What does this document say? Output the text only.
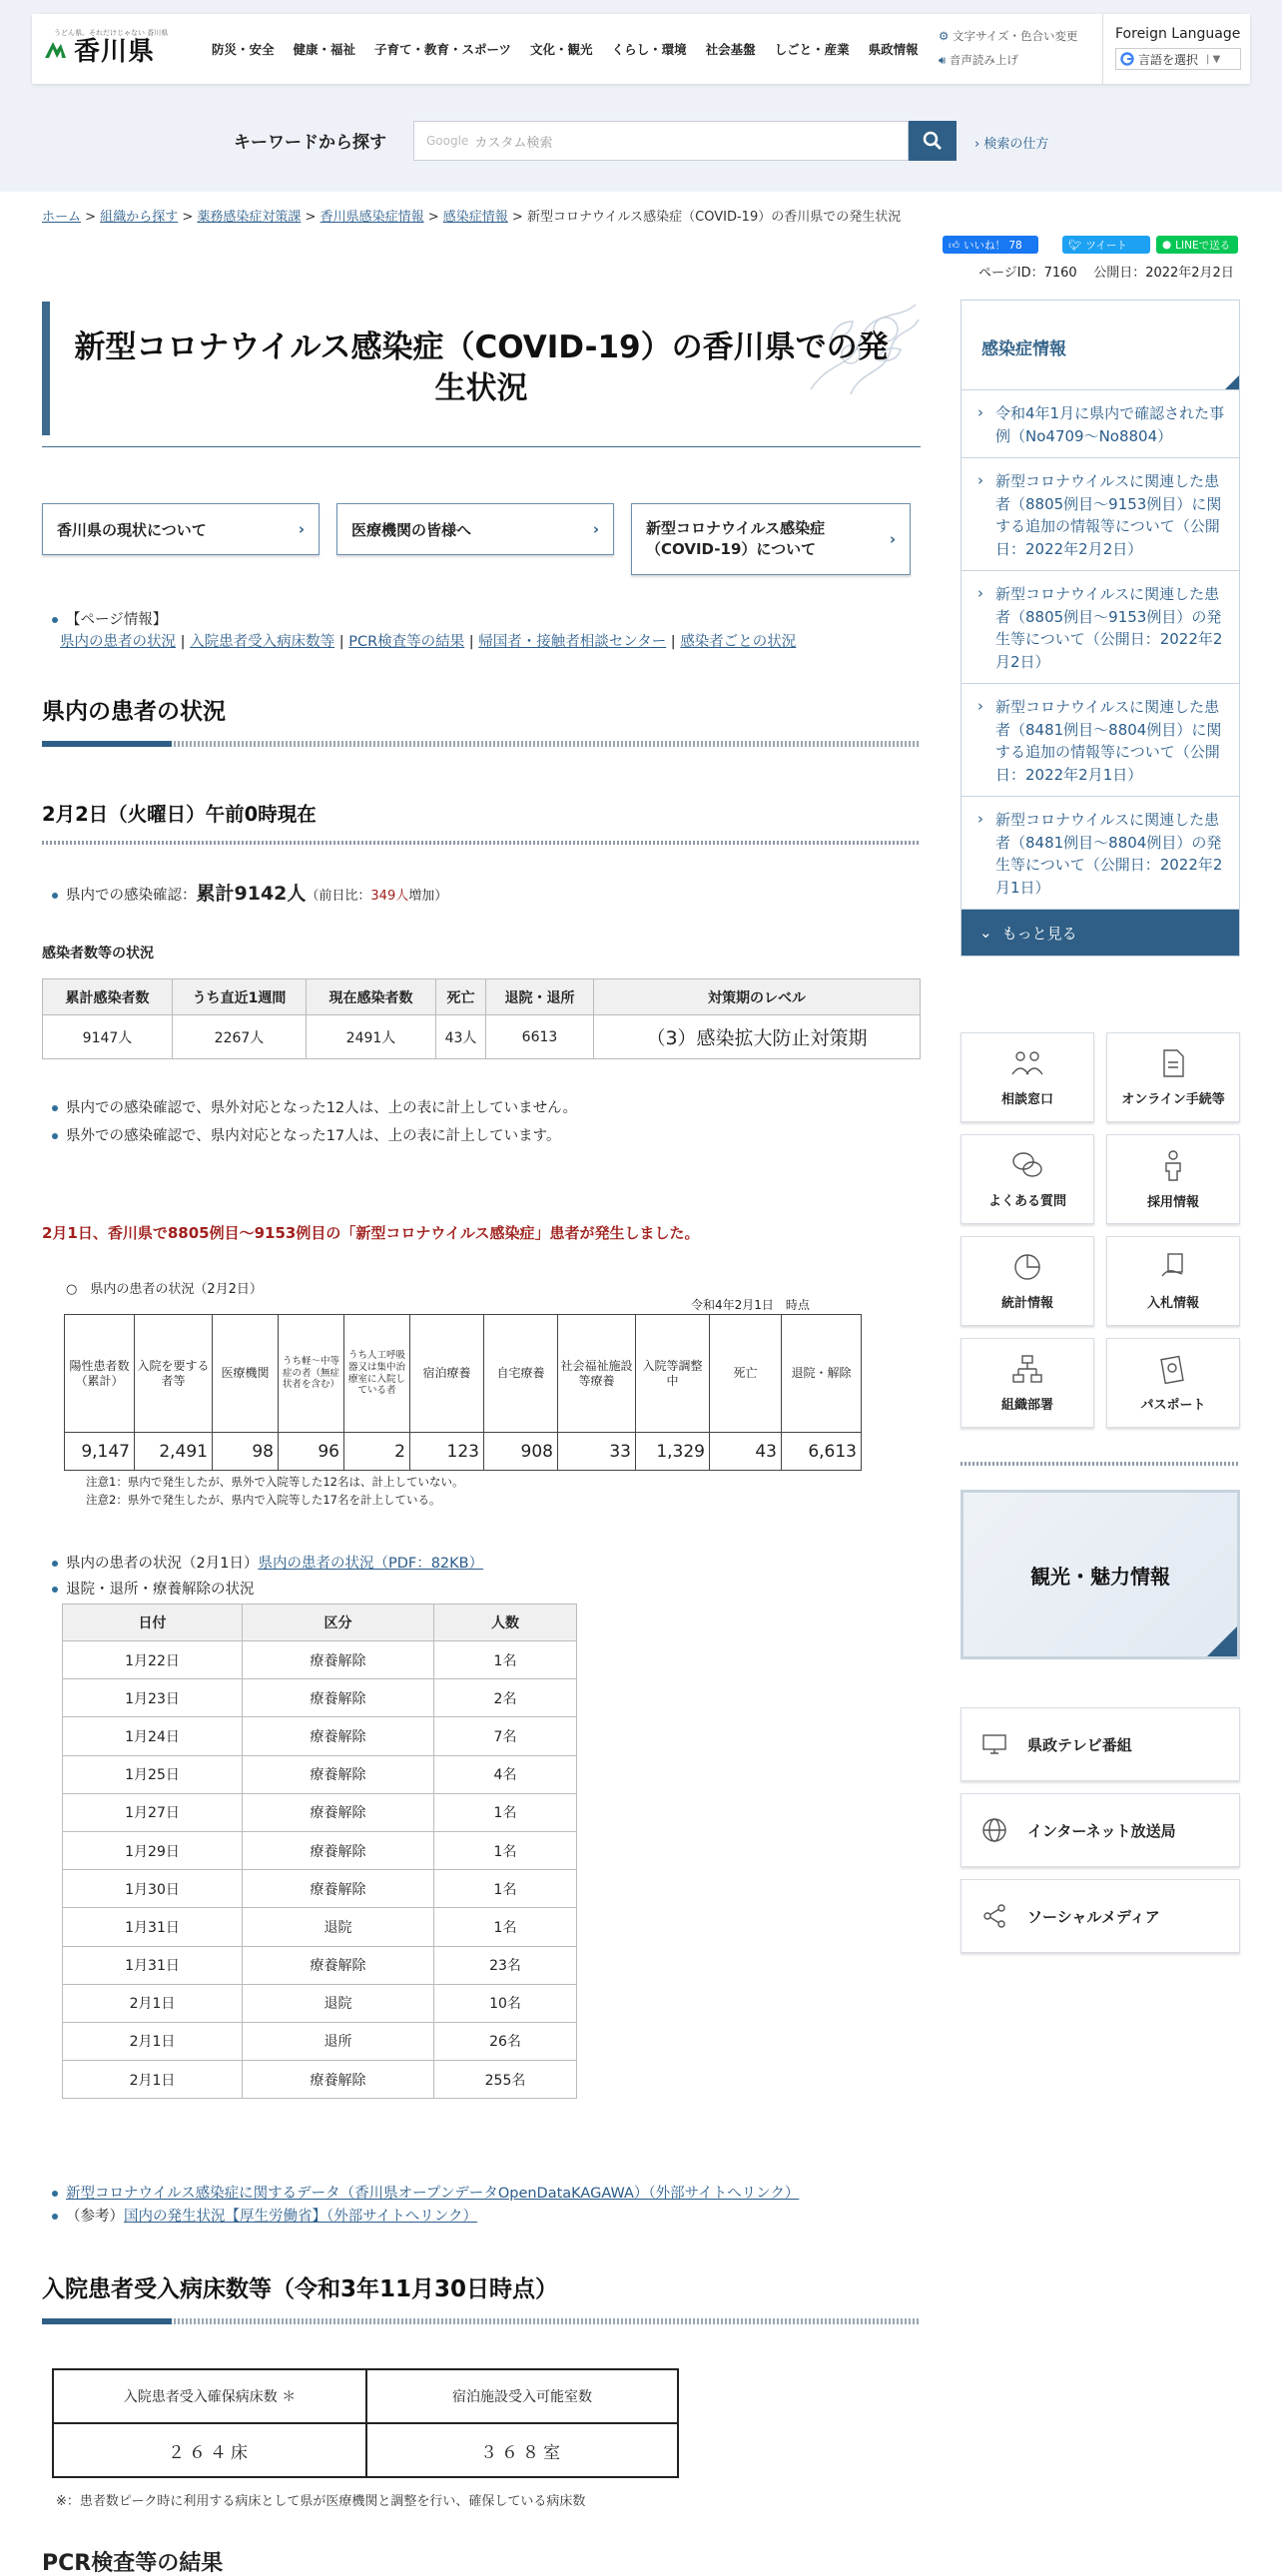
うどん県。それだけじゃない 香川県
香川県	防災・安全 健康・福祉 子育て・教育・スポーツ 文化・観光 くらし・環境 社会基盤 しごと・産業 県政情報
⚙ 文字サイズ・色合い変更
🔊︎ 音声読み上げ
Foreign Language
言語を選択 | ▼
キーワードから探す	Google カスタム検索	› 検索の仕方
ホーム > 組織から探す > 薬務感染症対策課 > 香川県感染症情報 > 感染症情報 > 新型コロナウイルス感染症（COVID-19）の香川県での発生状況
👍︎ いいね！ 78	🐦︎ ツイート	● LINEで送る
ページID：7160 公開日：2022年2月2日
新型コロナウイルス感染症（COVID-19）の香川県での発生状況
香川県の現状について	›	医療機関の皆様へ	›	新型コロナウイルス感染症（COVID-19）について
›
【ページ情報】
県内の患者の状況 | 入院患者受入病床数等 | PCR検査等の結果 | 帰国者・接触者相談センター | 感染者ごとの状況
県内の患者の状況
2月2日（火曜日）午前0時現在
県内での感染確認：累計9142人（前日比：349人増加）
感染者数等の状況
累計感染者数	うち直近1週間	現在感染者数	死亡	退院・退所	対策期のレベル
9147人	2267人	2491人	43人	6613	（3）感染拡大防止対策期
県内での感染確認で、県外対応となった12人は、上の表に計上していません。
県外での感染確認で、県内対応となった17人は、上の表に計上しています。
2月1日、香川県で8805例目～9153例目の「新型コロナウイルス感染症」患者が発生しました。
○　県内の患者の状況（2月2日）
令和4年2月1日　時点
陽性患者数（累計）	入院を要する者等	医療機関	うち軽〜中等症の者（無症状者を含む）	うち人工呼吸器又は集中治療室に入院している者	宿泊療養	自宅療養	社会福祉施設等療養	入院等調整中	死亡	退院・解除
9,147	2,491	98	96	2	123	908	33	1,329	43	6,613
注意1：県内で発生したが、県外で入院等した12名は、計上していない。
注意2：県外で発生したが、県内で入院等した17名を計上している。
県内の患者の状況（2月1日）県内の患者の状況（PDF：82KB）
退院・退所・療養解除の状況
日付	区分	人数
1月22日	療養解除	1名
1月23日	療養解除	2名
1月24日	療養解除	7名
1月25日	療養解除	4名
1月27日	療養解除	1名
1月29日	療養解除	1名
1月30日	療養解除	1名
1月31日	退院	1名
1月31日	療養解除	23名
2月1日	退院	10名
2月1日	退所	26名
2月1日	療養解除	255名
新型コロナウイルス感染症に関するデータ（香川県オープンデータOpenDataKAGAWA）（外部サイトへリンク）
（参考）国内の発生状況【厚生労働省】（外部サイトへリンク）
入院患者受入病床数等（令和3年11月30日時点）
入院患者受入確保病床数 ＊	宿泊施設受入可能室数
２６４床	３６８室
※：患者数ピーク時に利用する病床として県が医療機関と調整を行い、確保している病床数
PCR検査等の結果
感染症情報
› 令和4年1月に県内で確認された事例（No4709～No8804）
› 新型コロナウイルスに関連した患者（8805例目～9153例目）に関する追加の情報等について（公開日：2022年2月2日）
› 新型コロナウイルスに関連した患者（8805例目～9153例目）の発生等について（公開日：2022年2月2日）
› 新型コロナウイルスに関連した患者（8481例目～8804例目）に関する追加の情報等について（公開日：2022年2月1日）
› 新型コロナウイルスに関連した患者（8481例目～8804例目）の発生等について（公開日：2022年2月1日）
⌄ もっと見る
相談窓口	オンライン手続等
よくある質問	採用情報
統計情報	入札情報
組織部署	パスポート
観光・魅力情報
県政テレビ番組
インターネット放送局
ソーシャルメディア
